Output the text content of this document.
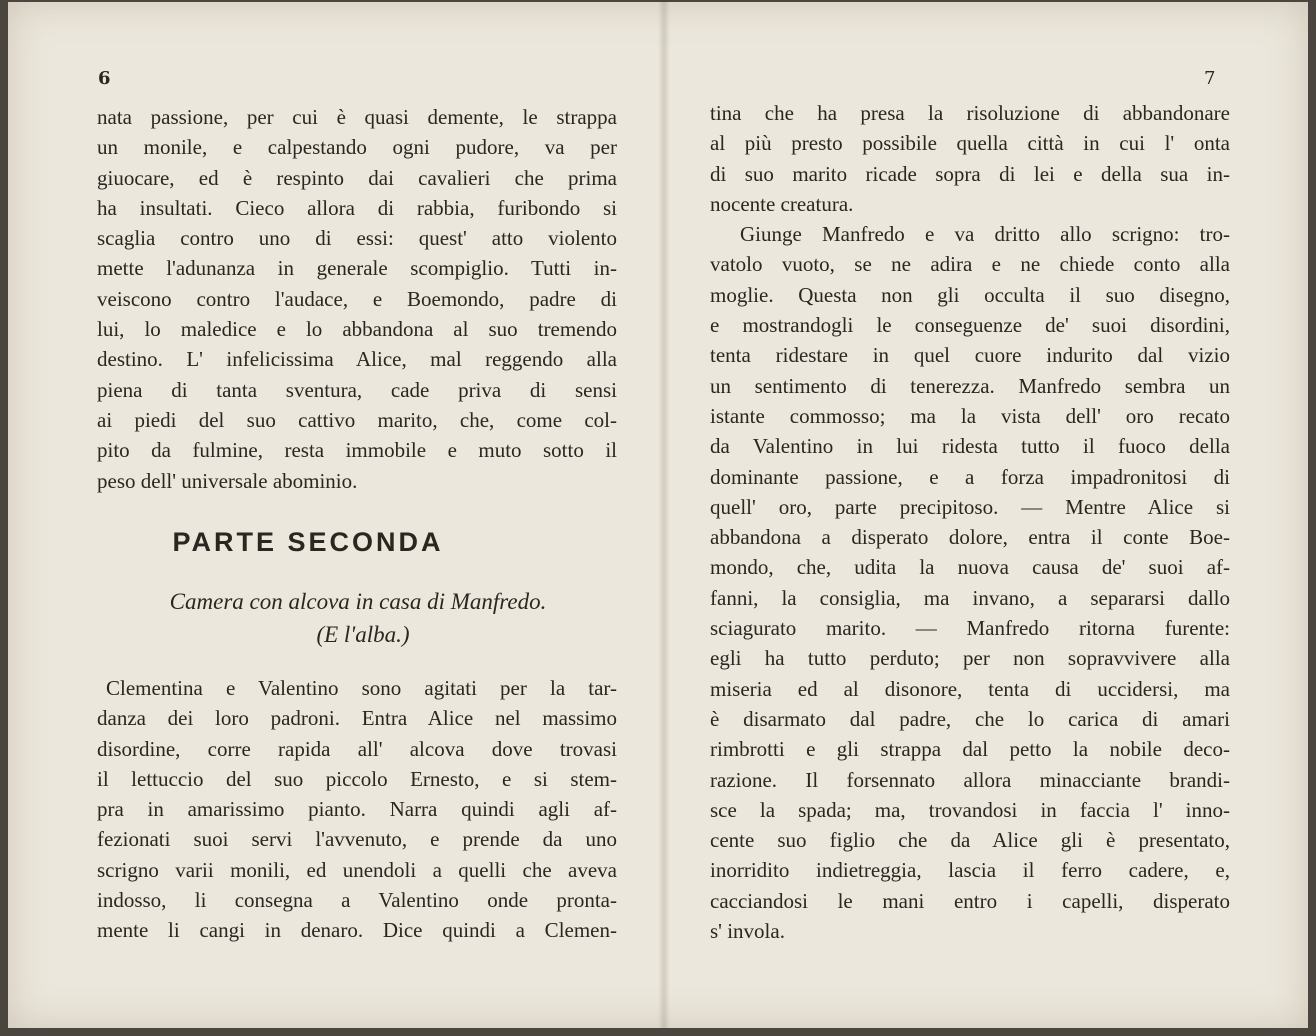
6
nata passione, per cui è quasi demente, le strappa
un monile, e calpestando ogni pudore, va per
giuocare, ed è respinto dai cavalieri che prima
ha insultati. Cieco allora di rabbia, furibondo si
scaglia contro uno di essi: quest' atto violento
mette l'adunanza in generale scompiglio. Tutti in-
veiscono contro l'audace, e Boemondo, padre di
lui, lo maledice e lo abbandona al suo tremendo
destino. L' infelicissima Alice, mal reggendo alla
piena di tanta sventura, cade priva di sensi
ai piedi del suo cattivo marito, che, come col-
pito da fulmine, resta immobile e muto sotto il
peso dell' universale abominio.
PARTE SECONDA
Camera con alcova in casa di Manfredo.
(E l'alba.)
Clementina e Valentino sono agitati per la tar-
danza dei loro padroni. Entra Alice nel massimo
disordine, corre rapida all' alcova dove trovasi
il lettuccio del suo piccolo Ernesto, e si stem-
pra in amarissimo pianto. Narra quindi agli af-
fezionati suoi servi l'avvenuto, e prende da uno
scrigno varii monili, ed unendoli a quelli che aveva
indosso, li consegna a Valentino onde pronta-
mente li cangi in denaro. Dice quindi a Clemen-
7
tina che ha presa la risoluzione di abbandonare
al più presto possibile quella città in cui l' onta
di suo marito ricade sopra di lei e della sua in-
nocente creatura.
Giunge Manfredo e va dritto allo scrigno: tro-
vatolo vuoto, se ne adira e ne chiede conto alla
moglie. Questa non gli occulta il suo disegno,
e mostrandogli le conseguenze de' suoi disordini,
tenta ridestare in quel cuore indurito dal vizio
un sentimento di tenerezza. Manfredo sembra un
istante commosso; ma la vista dell' oro recato
da Valentino in lui ridesta tutto il fuoco della
dominante passione, e a forza impadronitosi di
quell' oro, parte precipitoso. — Mentre Alice si
abbandona a disperato dolore, entra il conte Boe-
mondo, che, udita la nuova causa de' suoi af-
fanni, la consiglia, ma invano, a separarsi dallo
sciagurato marito. — Manfredo ritorna furente:
egli ha tutto perduto; per non sopravvivere alla
miseria ed al disonore, tenta di uccidersi, ma
è disarmato dal padre, che lo carica di amari
rimbrotti e gli strappa dal petto la nobile deco-
razione. Il forsennato allora minacciante brandi-
sce la spada; ma, trovandosi in faccia l' inno-
cente suo figlio che da Alice gli è presentato,
inorridito indietreggia, lascia il ferro cadere, e,
cacciandosi le mani entro i capelli, disperato
s' invola.
